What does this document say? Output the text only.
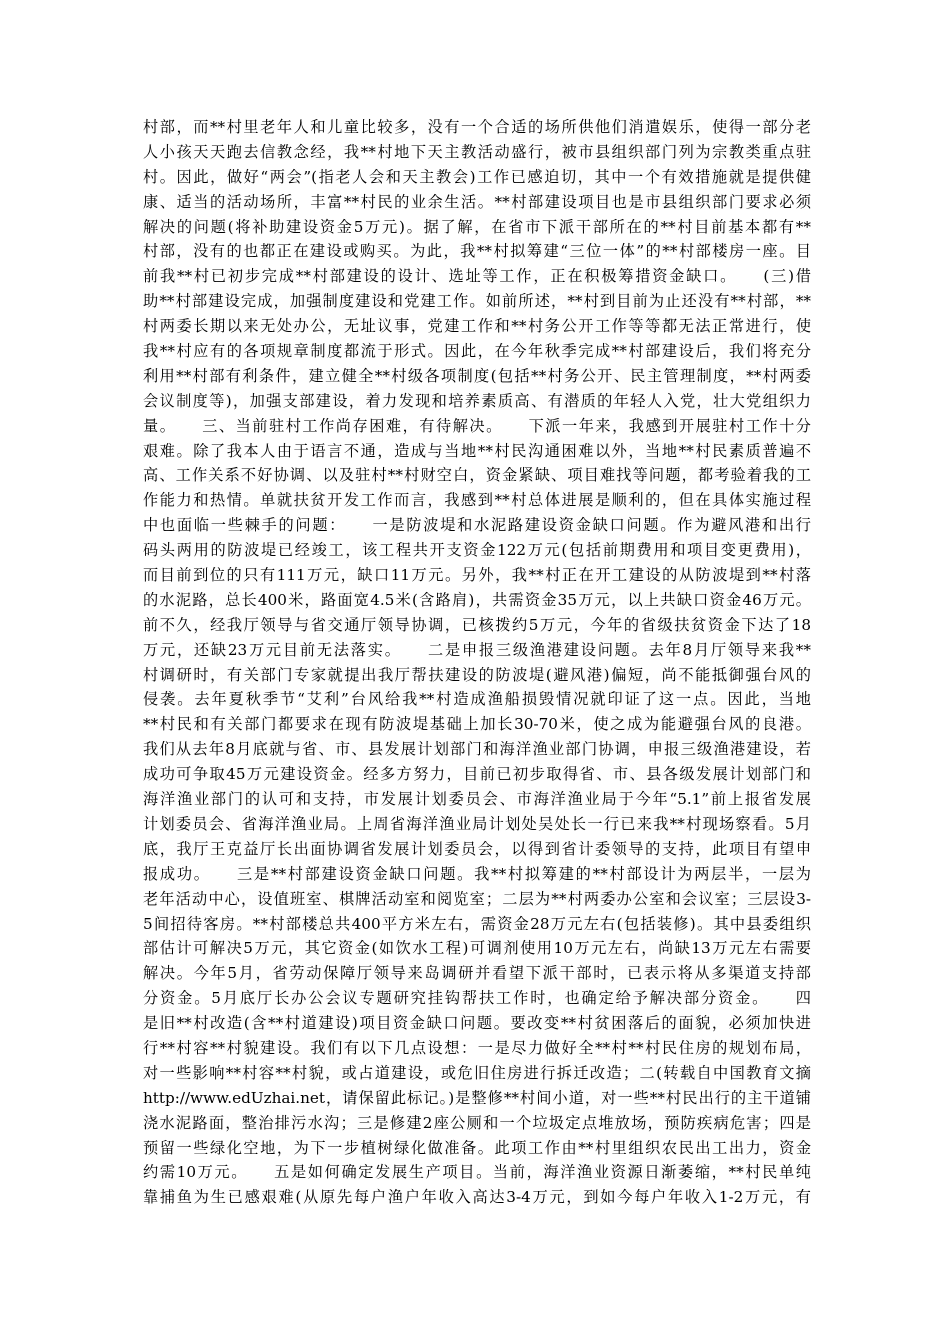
村部，而**村里老年人和儿童比较多，没有一个合适的场所供他们消遣娱乐，使得一部分老
人小孩天天跑去信教念经，我**村地下天主教活动盛行，被市县组织部门列为宗教类重点驻
村。因此，做好“两会”(指老人会和天主教会)工作已感迫切，其中一个有效措施就是提供健
康、适当的活动场所，丰富**村民的业余生活。**村部建设项目也是市县组织部门要求必须
解决的问题(将补助建设资金5万元)。据了解，在省市下派干部所在的**村目前基本都有**
村部，没有的也都正在建设或购买。为此，我**村拟筹建“三位一体”的**村部楼房一座。目
前我**村已初步完成**村部建设的设计、选址等工作，正在积极筹措资金缺口。　　(三)借
助**村部建设完成，加强制度建设和党建工作。如前所述，**村到目前为止还没有**村部，**
村两委长期以来无处办公，无址议事，党建工作和**村务公开工作等等都无法正常进行，使
我**村应有的各项规章制度都流于形式。因此，在今年秋季完成**村部建设后，我们将充分
利用**村部有利条件，建立健全**村级各项制度(包括**村务公开、民主管理制度，**村两委
会议制度等)，加强支部建设，着力发现和培养素质高、有潜质的年轻人入党，壮大党组织力
量。　　三、当前驻村工作尚存困难，有待解决。　　下派一年来，我感到开展驻村工作十分
艰难。除了我本人由于语言不通，造成与当地**村民沟通困难以外，当地**村民素质普遍不
高、工作关系不好协调、以及驻村**村财空白，资金紧缺、项目难找等问题，都考验着我的工
作能力和热情。单就扶贫开发工作而言，我感到**村总体进展是顺利的，但在具体实施过程
中也面临一些棘手的问题：　　一是防波堤和水泥路建设资金缺口问题。作为避风港和出行
码头两用的防波堤已经竣工，该工程共开支资金122万元(包括前期费用和项目变更费用)，
而目前到位的只有111万元，缺口11万元。另外，我**村正在开工建设的从防波堤到**村落
的水泥路，总长400米，路面宽4.5米(含路肩)，共需资金35万元，以上共缺口资金46万元。
前不久，经我厅领导与省交通厅领导协调，已核拨约5万元，今年的省级扶贫资金下达了18
万元，还缺23万元目前无法落实。　　二是申报三级渔港建设问题。去年8月厅领导来我**
村调研时，有关部门专家就提出我厅帮扶建设的防波堤(避风港)偏短，尚不能抵御强台风的
侵袭。去年夏秋季节“艾利”台风给我**村造成渔船损毁情况就印证了这一点。因此，当地
**村民和有关部门都要求在现有防波堤基础上加长30-70米，使之成为能避强台风的良港。
我们从去年8月底就与省、市、县发展计划部门和海洋渔业部门协调，申报三级渔港建设，若
成功可争取45万元建设资金。经多方努力，目前已初步取得省、市、县各级发展计划部门和
海洋渔业部门的认可和支持，市发展计划委员会、市海洋渔业局于今年“5.1”前上报省发展
计划委员会、省海洋渔业局。上周省海洋渔业局计划处吴处长一行已来我**村现场察看。5月
底，我厅王克益厅长出面协调省发展计划委员会，以得到省计委领导的支持，此项目有望申
报成功。　　三是**村部建设资金缺口问题。我**村拟筹建的**村部设计为两层半，一层为
老年活动中心，设值班室、棋牌活动室和阅览室；二层为**村两委办公室和会议室；三层设3-
5间招待客房。**村部楼总共400平方米左右，需资金28万元左右(包括装修)。其中县委组织
部估计可解决5万元，其它资金(如饮水工程)可调剂使用10万元左右，尚缺13万元左右需要
解决。今年5月，省劳动保障厅领导来岛调研并看望下派干部时，已表示将从多渠道支持部
分资金。5月底厅长办公会议专题研究挂钩帮扶工作时，也确定给予解决部分资金。　　四
是旧**村改造(含**村道建设)项目资金缺口问题。要改变**村贫困落后的面貌，必须加快进
行**村容**村貌建设。我们有以下几点设想：一是尽力做好全**村**村民住房的规划布局，
对一些影响**村容**村貌，或占道建设，或危旧住房进行拆迁改造；二(转载自中国教育文摘
http://www.edUzhai.net，请保留此标记。)是整修**村间小道，对一些**村民出行的主干道铺
浇水泥路面，整治排污水沟；三是修建2座公厕和一个垃圾定点堆放场，预防疾病危害；四是
预留一些绿化空地，为下一步植树绿化做准备。此项工作由**村里组织农民出工出力，资金
约需10万元。　　五是如何确定发展生产项目。当前，海洋渔业资源日渐萎缩，**村民单纯
靠捕鱼为生已感艰难(从原先每户渔户年收入高达3-4万元，到如今每户年收入1-2万元，有
